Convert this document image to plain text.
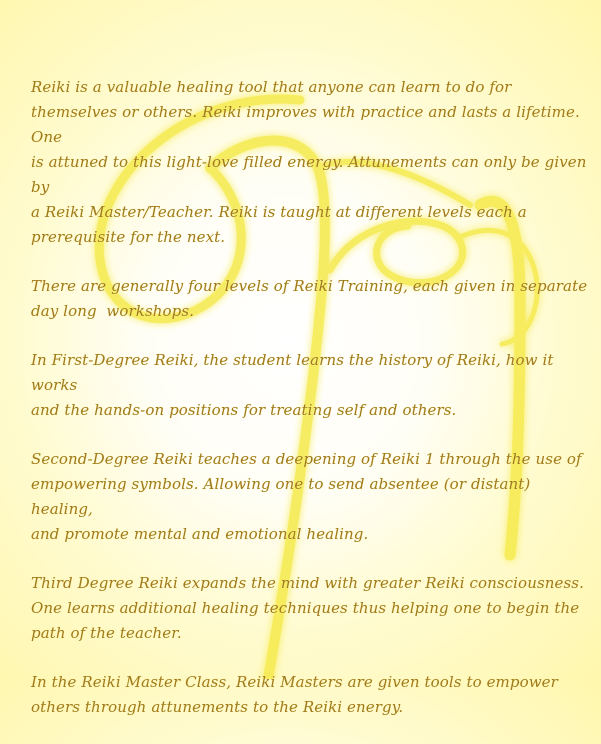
Reiki is a valuable healing tool that anyone can learn to do for
themselves or others. Reiki improves with practice and lasts a lifetime. One
is attuned to this light-love filled energy. Attunements can only be given by
a Reiki Master/Teacher. Reiki is taught at different levels each a
prerequisite for the next.

There are generally four levels of Reiki Training, each given in separate
day long  workshops.

In First-Degree Reiki, the student learns the history of Reiki, how it works
and the hands-on positions for treating self and others.

Second-Degree Reiki teaches a deepening of Reiki 1 through the use of
empowering symbols. Allowing one to send absentee (or distant) healing,
and promote mental and emotional healing.

Third Degree Reiki expands the mind with greater Reiki consciousness.
One learns additional healing techniques thus helping one to begin the
path of the teacher.

In the Reiki Master Class, Reiki Masters are given tools to empower
others through attunements to the Reiki energy.
